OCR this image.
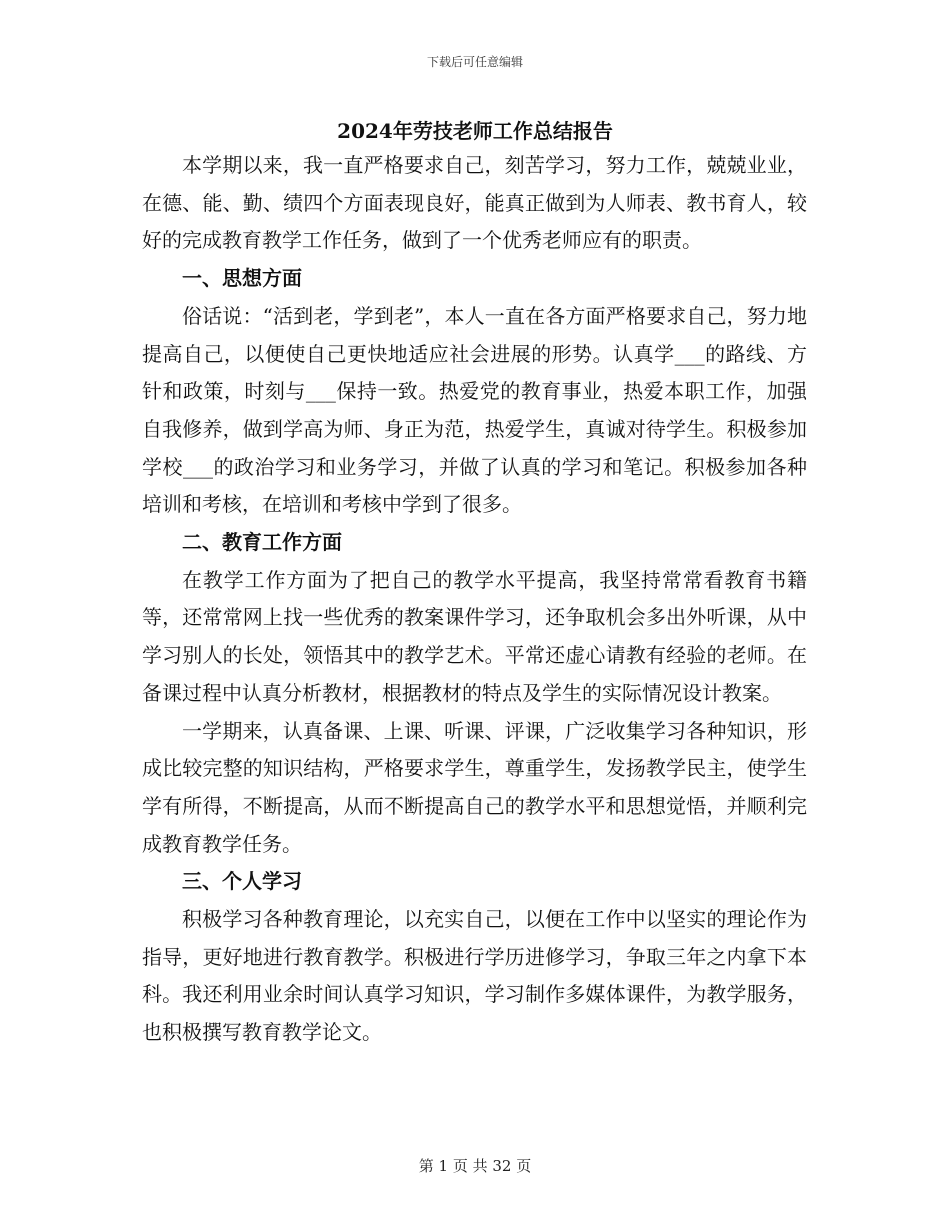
下载后可任意编辑
2024年劳技老师工作总结报告

本学期以来，我一直严格要求自己，刻苦学习，努力工作，兢兢业业，在德、能、勤、绩四个方面表现良好，能真正做到为人师表、教书育人，较好的完成教育教学工作任务，做到了一个优秀老师应有的职责。

一、思想方面

俗话说：“活到老，学到老”，本人一直在各方面严格要求自己，努力地提高自己，以便使自己更快地适应社会进展的形势。认真学___的路线、方针和政策，时刻与___保持一致。热爱党的教育事业，热爱本职工作，加强自我修养，做到学高为师、身正为范，热爱学生，真诚对待学生。积极参加学校___的政治学习和业务学习，并做了认真的学习和笔记。积极参加各种培训和考核，在培训和考核中学到了很多。

二、教育工作方面

在教学工作方面为了把自己的教学水平提高，我坚持常常看教育书籍等，还常常网上找一些优秀的教案课件学习，还争取机会多出外听课，从中学习别人的长处，领悟其中的教学艺术。平常还虚心请教有经验的老师。在备课过程中认真分析教材，根据教材的特点及学生的实际情况设计教案。

一学期来，认真备课、上课、听课、评课，广泛收集学习各种知识，形成比较完整的知识结构，严格要求学生，尊重学生，发扬教学民主，使学生学有所得，不断提高，从而不断提高自己的教学水平和思想觉悟，并顺利完成教育教学任务。

三、个人学习

积极学习各种教育理论，以充实自己，以便在工作中以坚实的理论作为指导，更好地进行教育教学。积极进行学历进修学习，争取三年之内拿下本科。我还利用业余时间认真学习知识，学习制作多媒体课件，为教学服务，也积极撰写教育教学论文。

第 1 页 共 32 页
